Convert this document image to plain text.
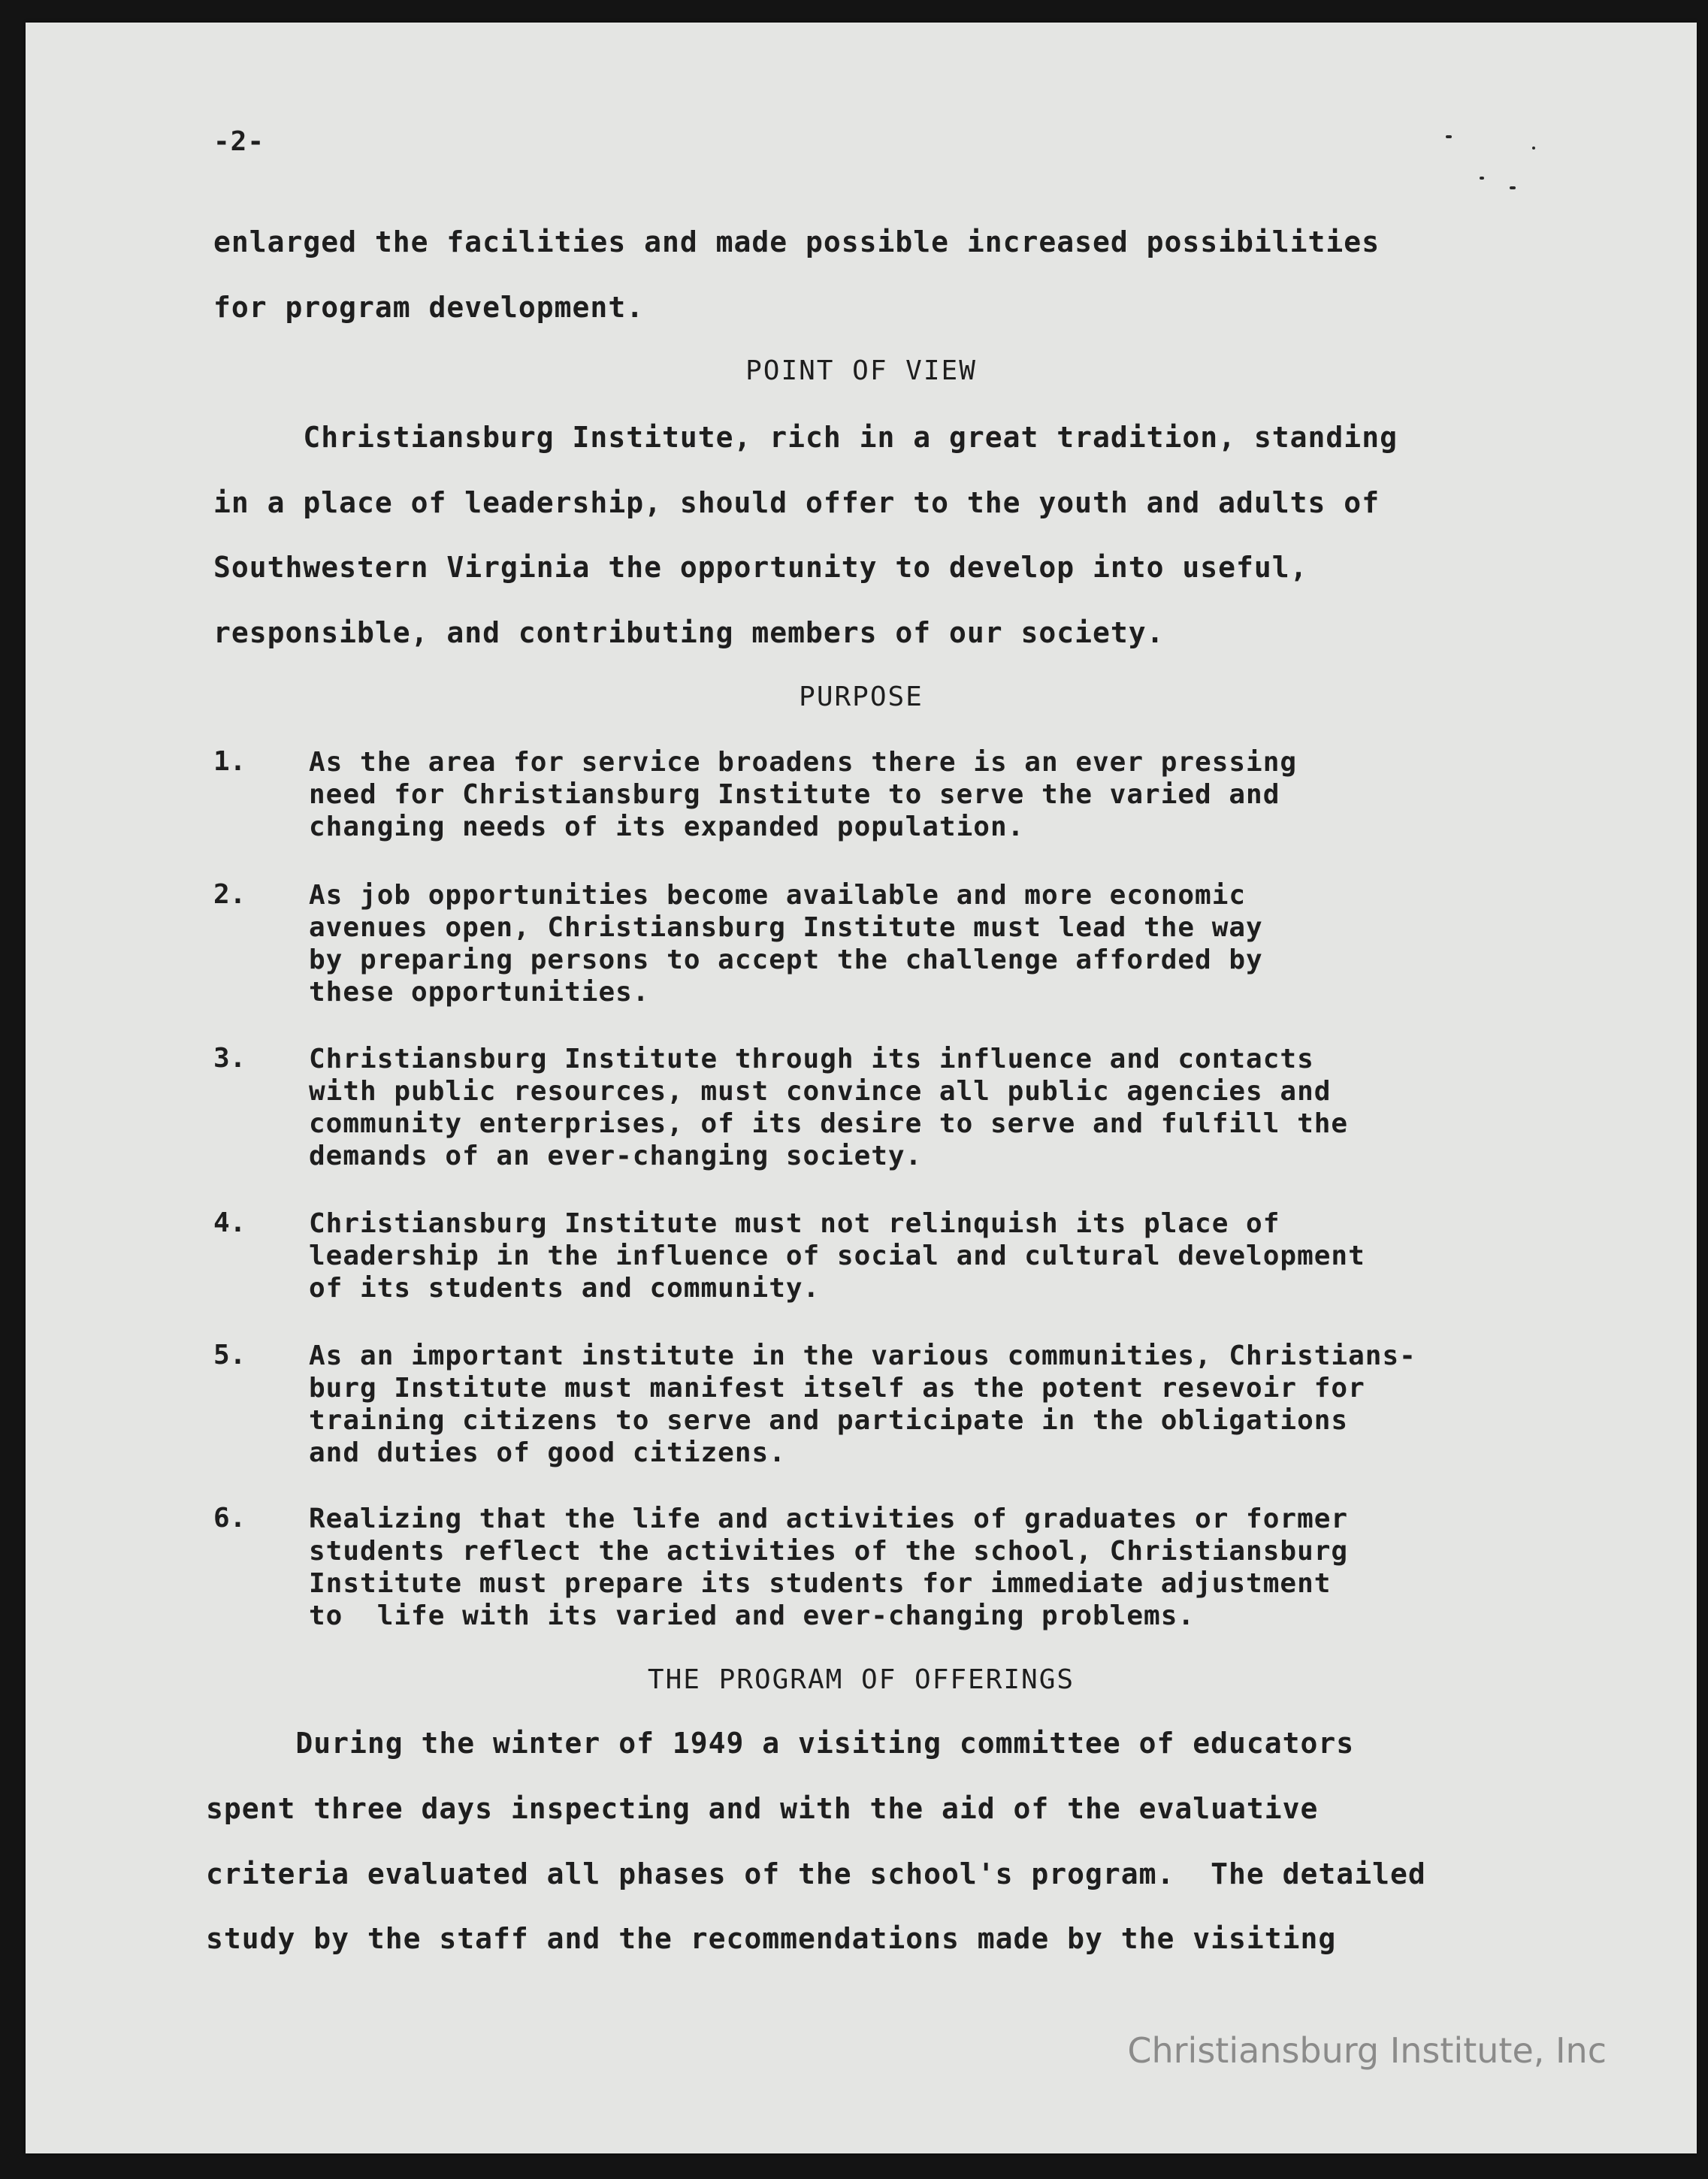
-2-
enlarged the facilities and made possible increased possibilities
for program development.
POINT OF VIEW
Christiansburg Institute, rich in a great tradition, standing
in a place of leadership, should offer to the youth and adults of
Southwestern Virginia the opportunity to develop into useful,
responsible, and contributing members of our society.
PURPOSE
1. As the area for service broadens there is an ever pressing
need for Christiansburg Institute to serve the varied and
changing needs of its expanded population.
2. As job opportunities become available and more economic
avenues open, Christiansburg Institute must lead the way
by preparing persons to accept the challenge afforded by
these opportunities.
3. Christiansburg Institute through its influence and contacts
with public resources, must convince all public agencies and
community enterprises, of its desire to serve and fulfill the
demands of an ever-changing society.
4. Christiansburg Institute must not relinquish its place of
leadership in the influence of social and cultural development
of its students and community.
5. As an important institute in the various communities, Christians-
burg Institute must manifest itself as the potent resevoir for
training citizens to serve and participate in the obligations
and duties of good citizens.
6. Realizing that the life and activities of graduates or former
students reflect the activities of the school, Christiansburg
Institute must prepare its students for immediate adjustment
to  life with its varied and ever-changing problems.
THE PROGRAM OF OFFERINGS
During the winter of 1949 a visiting committee of educators
spent three days inspecting and with the aid of the evaluative
criteria evaluated all phases of the school's program.  The detailed
study by the staff and the recommendations made by the visiting
Christiansburg Institute, Inc
